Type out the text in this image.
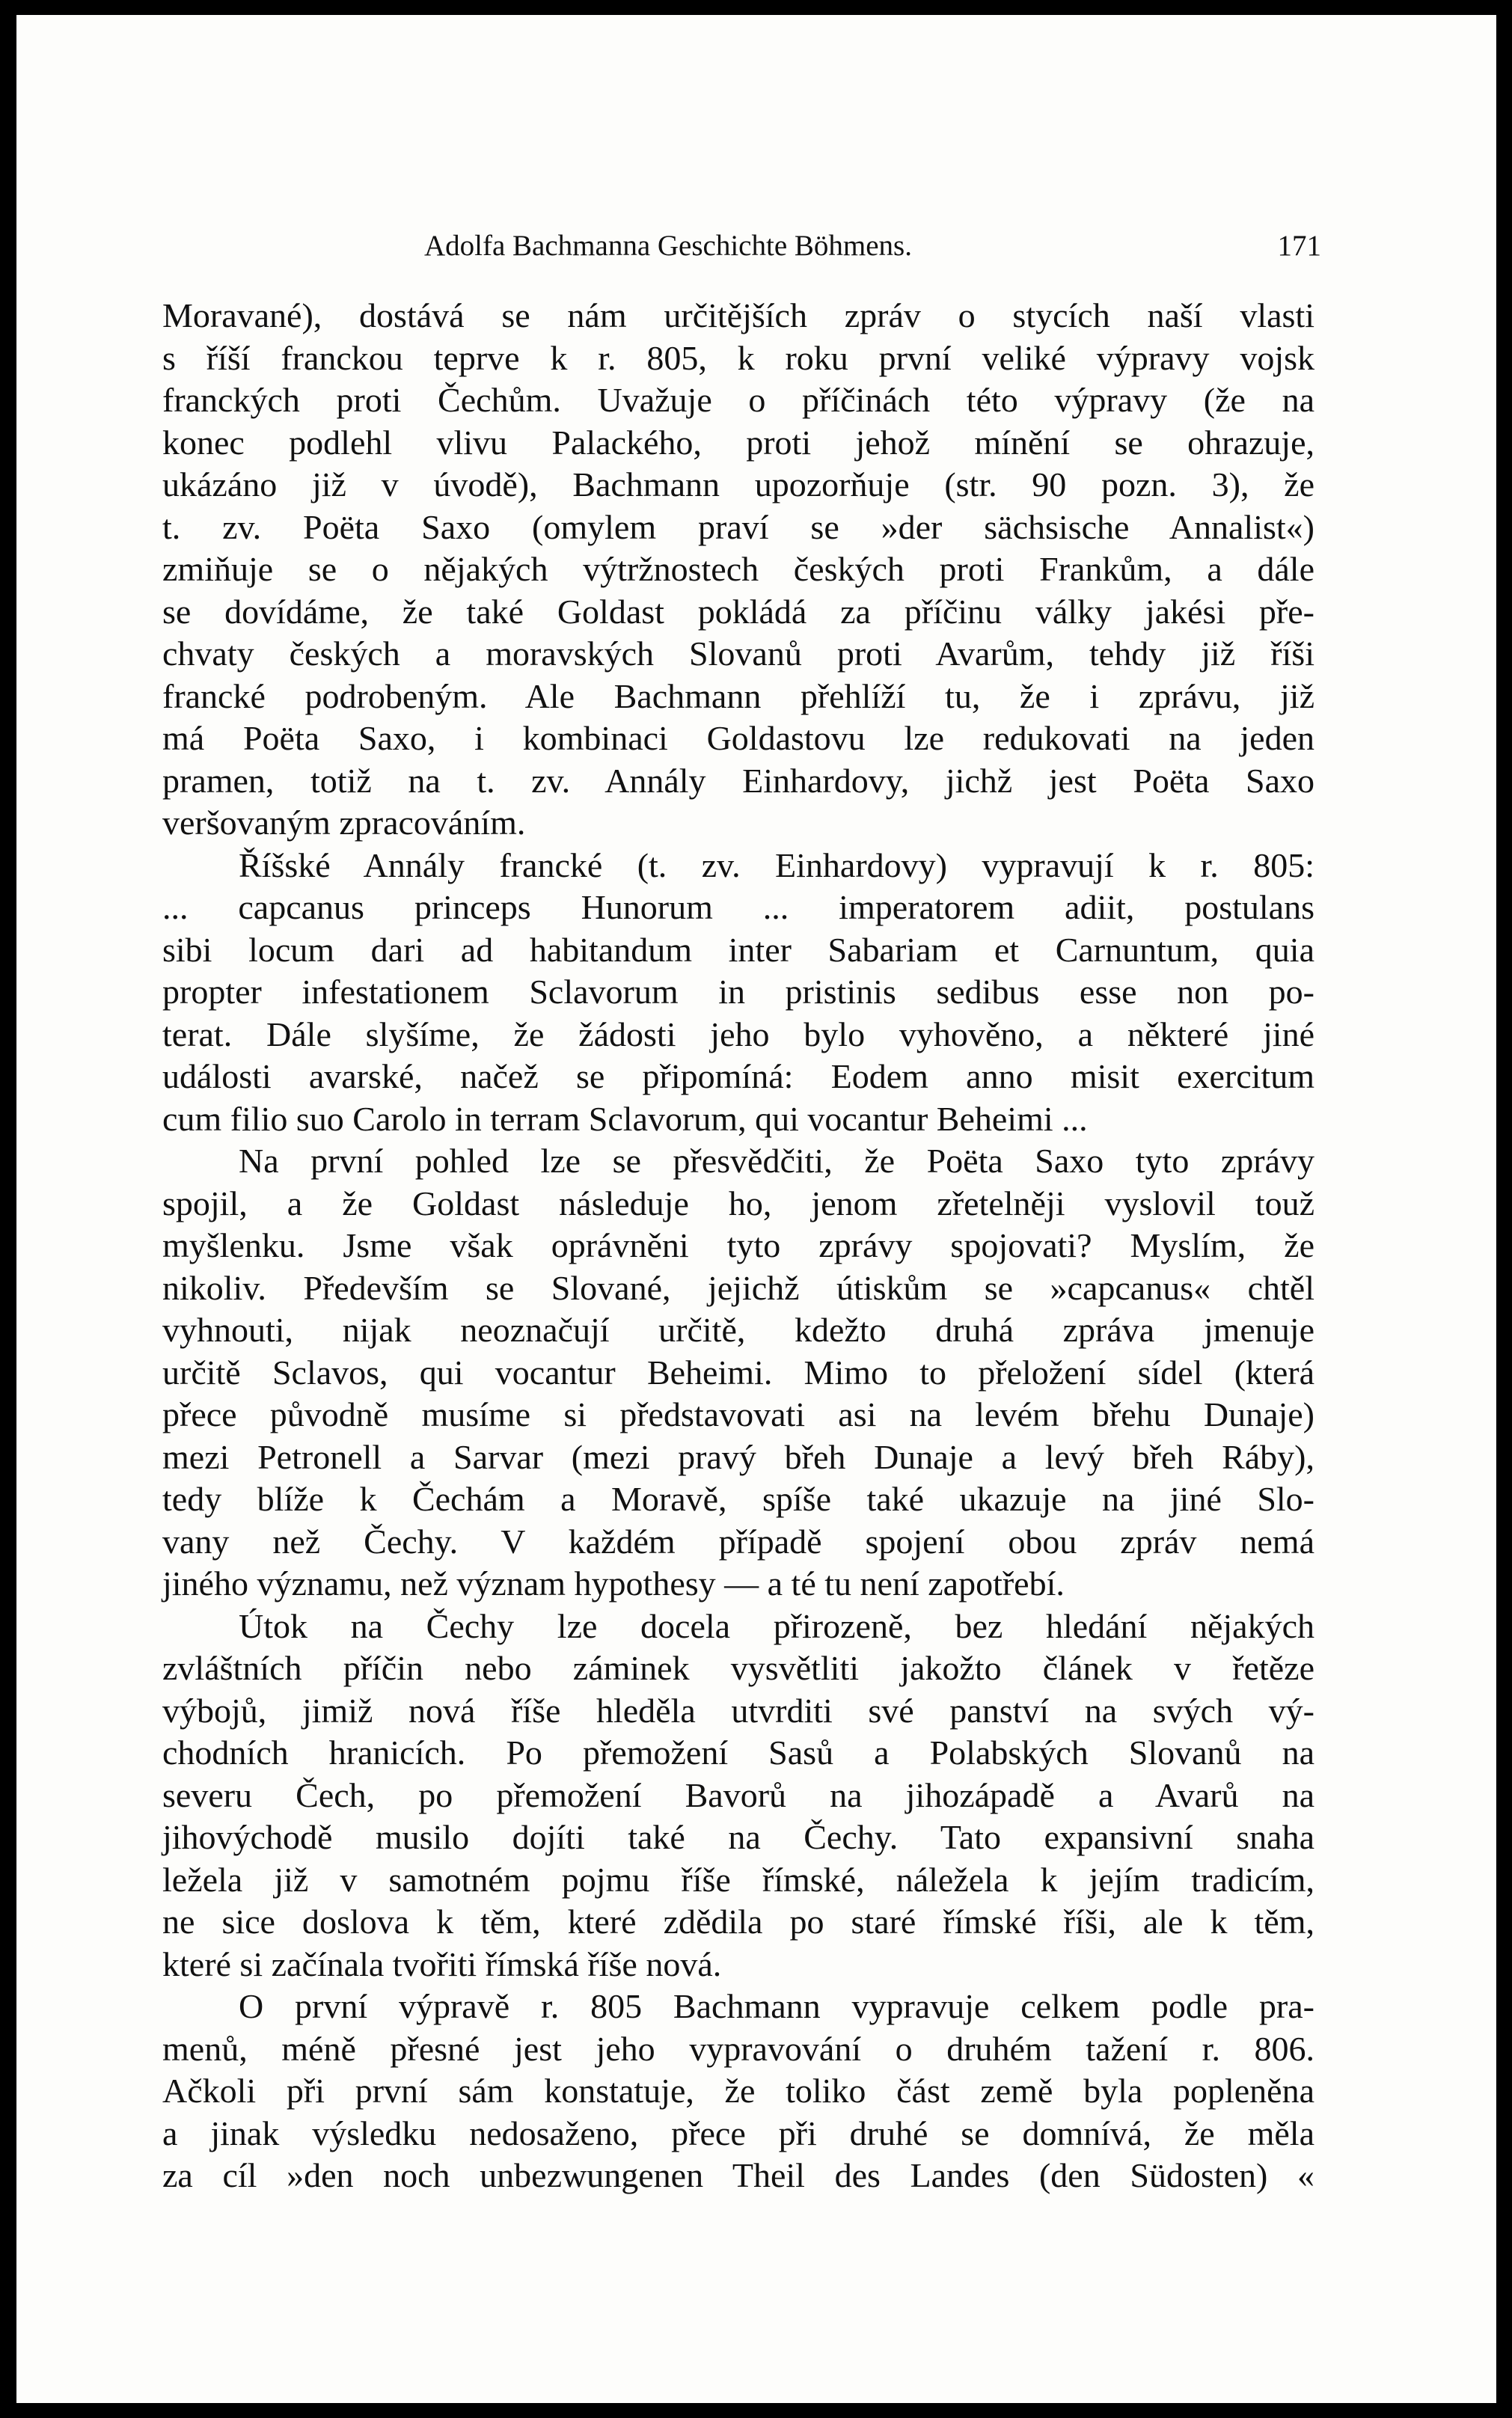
Adolfa Bachmanna Geschichte Böhmens.	171

Moravané), dostává se nám určitějších zpráv o stycích naší vlasti

s říší franckou teprve k r. 805, k roku první veliké výpravy vojsk

franckých proti Čechům. Uvažuje o příčinách této výpravy (že na

konec podlehl vlivu Palackého, proti jehož mínění se ohrazuje,

ukázáno již v úvodě), Bachmann upozorňuje (str. 90 pozn. 3), že

t. zv. Poëta Saxo (omylem praví se »der sächsische Annalist«)

zmiňuje se o nějakých výtržnostech českých proti Frankům, a dále

se dovídáme, že také Goldast pokládá za příčinu války jakési pře-

chvaty českých a moravských Slovanů proti Avarům, tehdy již říši

francké podrobeným. Ale Bachmann přehlíží tu, že i zprávu, již

má Poëta Saxo, i kombinaci Goldastovu lze redukovati na jeden

pramen, totiž na t. zv. Annály Einhardovy, jichž jest Poëta Saxo

veršovaným zpracováním.

Říšské Annály francké (t. zv. Einhardovy) vypravují k r. 805:

... capcanus princeps Hunorum ... imperatorem adiit, postulans

sibi locum dari ad habitandum inter Sabariam et Carnuntum, quia

propter infestationem Sclavorum in pristinis sedibus esse non po-

terat. Dále slyšíme, že žádosti jeho bylo vyhověno, a některé jiné

události avarské, načež se připomíná: Eodem anno misit exercitum

cum filio suo Carolo in terram Sclavorum, qui vocantur Beheimi ...

Na první pohled lze se přesvědčiti, že Poëta Saxo tyto zprávy

spojil, a že Goldast následuje ho, jenom zřetelněji vyslovil touž

myšlenku. Jsme však oprávněni tyto zprávy spojovati? Myslím, že

nikoliv. Především se Slované, jejichž útiskům se »capcanus« chtěl

vyhnouti, nijak neoznačují určitě, kdežto druhá zpráva jmenuje

určitě Sclavos, qui vocantur Beheimi. Mimo to přeložení sídel (která

přece původně musíme si představovati asi na levém břehu Dunaje)

mezi Petronell a Sarvar (mezi pravý břeh Dunaje a levý břeh Ráby),

tedy blíže k Čechám a Moravě, spíše také ukazuje na jiné Slo-

vany než Čechy. V každém případě spojení obou zpráv nemá

jiného významu, než význam hypothesy — a té tu není zapotřebí.

Útok na Čechy lze docela přirozeně, bez hledání nějakých

zvláštních příčin nebo záminek vysvětliti jakožto článek v řetěze

výbojů, jimiž nová říše hleděla utvrditi své panství na svých vý-

chodních hranicích. Po přemožení Sasů a Polabských Slovanů na

severu Čech, po přemožení Bavorů na jihozápadě a Avarů na

jihovýchodě musilo dojíti také na Čechy. Tato expansivní snaha

ležela již v samotném pojmu říše římské, náležela k jejím tradicím,

ne sice doslova k těm, které zdědila po staré římské říši, ale k těm,

které si začínala tvořiti římská říše nová.

O první výpravě r. 805 Bachmann vypravuje celkem podle pra-

menů, méně přesné jest jeho vypravování o druhém tažení r. 806.

Ačkoli při první sám konstatuje, že toliko část země byla popleněna

a jinak výsledku nedosaženo, přece při druhé se domnívá, že měla

za cíl »den noch unbezwungenen Theil des Landes (den Südosten) «
